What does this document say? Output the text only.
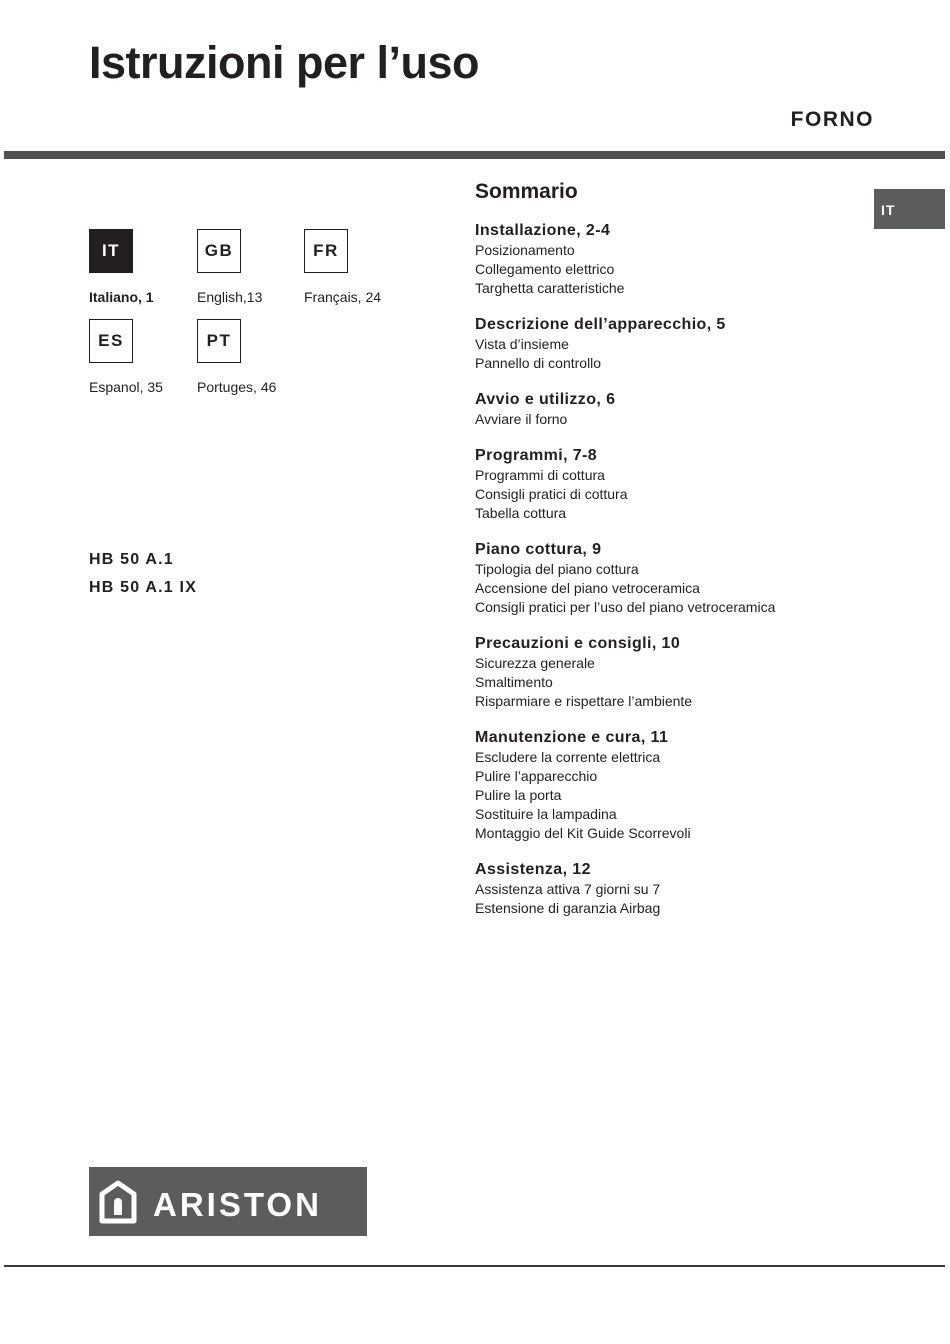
Istruzioni per l’uso
FORNO
IT
IT
Italiano, 1
GB
English,13
FR
Français, 24
ES
Espanol, 35
PT
Portuges, 46
HB 50 A.1
HB 50 A.1 IX
Sommario
Installazione, 2-4
Posizionamento
Collegamento elettrico
Targhetta caratteristiche
Descrizione dell’apparecchio, 5
Vista d’insieme
Pannello di controllo
Avvio e utilizzo, 6
Avviare il forno
Programmi, 7-8
Programmi di cottura
Consigli pratici di cottura
Tabella cottura
Piano cottura, 9
Tipologia del piano cottura
Accensione del piano vetroceramica
Consigli pratici per l’uso del piano vetroceramica
Precauzioni e consigli, 10
Sicurezza generale
Smaltimento
Risparmiare e rispettare l’ambiente
Manutenzione e cura, 11
Escludere la corrente elettrica
Pulire l’apparecchio
Pulire la porta
Sostituire la lampadina
Montaggio del Kit Guide Scorrevoli
Assistenza, 12
Assistenza attiva 7 giorni su 7
Estensione di garanzia Airbag
ARISTON
